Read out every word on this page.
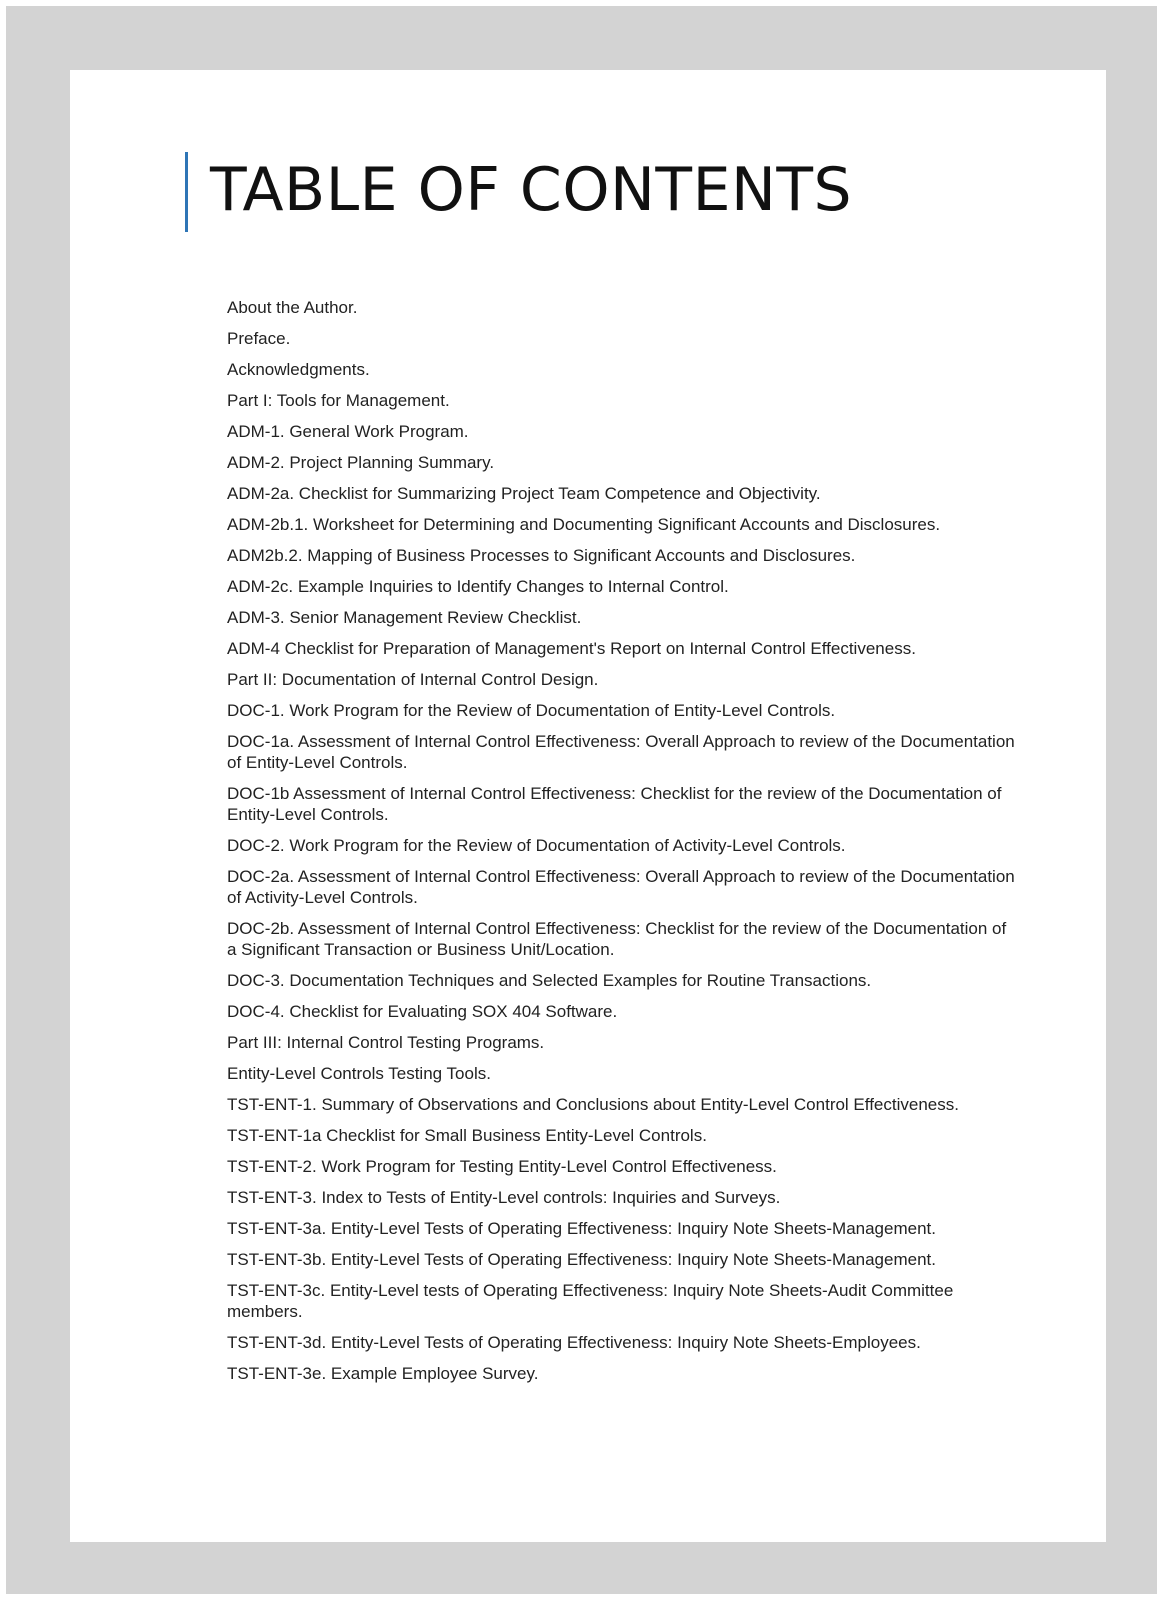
TABLE OF CONTENTS
About the Author.
Preface.
Acknowledgments.
Part I: Tools for Management.
ADM-1. General Work Program.
ADM-2. Project Planning Summary.
ADM-2a. Checklist for Summarizing Project Team Competence and Objectivity.
ADM-2b.1. Worksheet for Determining and Documenting Significant Accounts and Disclosures.
ADM2b.2. Mapping of Business Processes to Significant Accounts and Disclosures.
ADM-2c. Example Inquiries to Identify Changes to Internal Control.
ADM-3. Senior Management Review Checklist.
ADM-4 Checklist for Preparation of Management's Report on Internal Control Effectiveness.
Part II: Documentation of Internal Control Design.
DOC-1. Work Program for the Review of Documentation of Entity-Level Controls.
DOC-1a. Assessment of Internal Control Effectiveness: Overall Approach to review of the Documentation of Entity-Level Controls.
DOC-1b Assessment of Internal Control Effectiveness: Checklist for the review of the Documentation of Entity-Level Controls.
DOC-2. Work Program for the Review of Documentation of Activity-Level Controls.
DOC-2a. Assessment of Internal Control Effectiveness: Overall Approach to review of the Documentation of Activity-Level Controls.
DOC-2b. Assessment of Internal Control Effectiveness: Checklist for the review of the Documentation of a Significant Transaction or Business Unit/Location.
DOC-3. Documentation Techniques and Selected Examples for Routine Transactions.
DOC-4. Checklist for Evaluating SOX 404 Software.
Part III: Internal Control Testing Programs.
Entity-Level Controls Testing Tools.
TST-ENT-1. Summary of Observations and Conclusions about Entity-Level Control Effectiveness.
TST-ENT-1a Checklist for Small Business Entity-Level Controls.
TST-ENT-2. Work Program for Testing Entity-Level Control Effectiveness.
TST-ENT-3. Index to Tests of Entity-Level controls: Inquiries and Surveys.
TST-ENT-3a. Entity-Level Tests of Operating Effectiveness: Inquiry Note Sheets-Management.
TST-ENT-3b. Entity-Level Tests of Operating Effectiveness: Inquiry Note Sheets-Management.
TST-ENT-3c. Entity-Level tests of Operating Effectiveness: Inquiry Note Sheets-Audit Committee members.
TST-ENT-3d. Entity-Level Tests of Operating Effectiveness: Inquiry Note Sheets-Employees.
TST-ENT-3e. Example Employee Survey.
